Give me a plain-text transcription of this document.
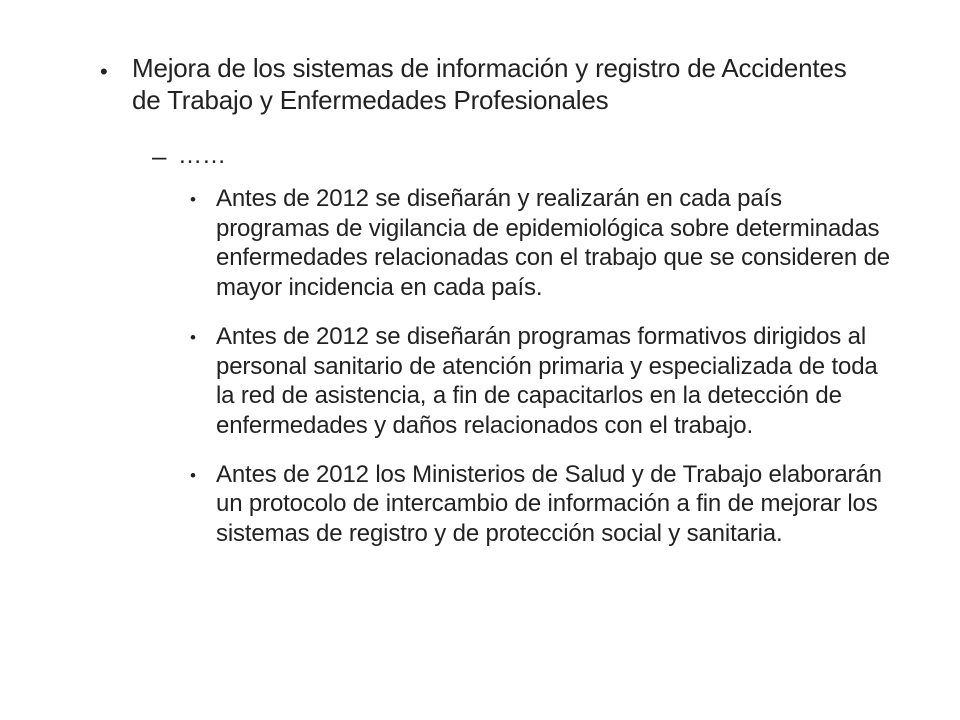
• Mejora de los sistemas de información y registro de Accidentes de Trabajo y Enfermedades Profesionales
– ……
• Antes de 2012 se diseñarán y realizarán en cada país programas de vigilancia de epidemiológica sobre determinadas enfermedades relacionadas con el trabajo que se consideren de mayor incidencia en cada país.
• Antes de 2012 se diseñarán programas formativos dirigidos al personal sanitario de atención primaria y especializada de toda la red de asistencia, a fin de capacitarlos en la detección de enfermedades y daños relacionados con el trabajo.
• Antes de 2012 los Ministerios de Salud y de Trabajo elaborarán un protocolo de intercambio de información a fin de mejorar los sistemas de registro y de protección social y sanitaria.
